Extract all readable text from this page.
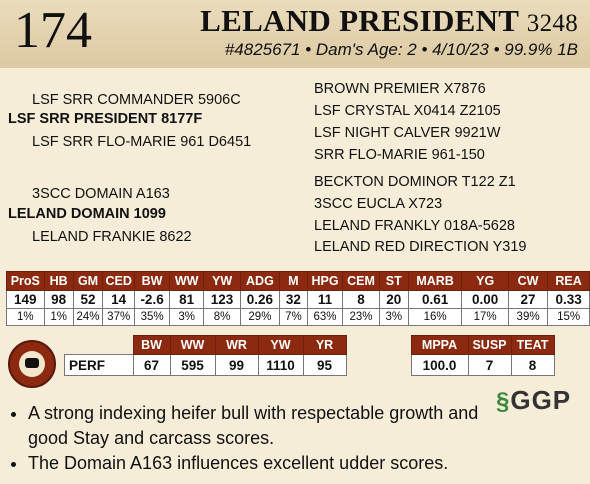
174	LELAND PRESIDENT 3248
#4825671 • Dam's Age: 2 • 4/10/23 • 99.9% 1B
LSF SRR COMMANDER 5906C
LSF SRR PRESIDENT 8177F
LSF SRR FLO-MARIE 961 D6451
3SCC DOMAIN A163
LELAND DOMAIN 1099
LELAND FRANKIE 8622
BROWN PREMIER X7876
LSF CRYSTAL X0414 Z2105
LSF NIGHT CALVER 9921W
SRR FLO-MARIE 961-150
BECKTON DOMINOR T122 Z1
3SCC EUCLA X723
LELAND FRANKLY 018A-5628
LELAND RED DIRECTION Y319
ProS	HB	GM	CED	BW	WW	YW	ADG	M	HPG	CEM	ST	MARB	YG	CW	REA
149	98	52	14	-2.6	81	123	0.26	32	11	8	20	0.61	0.00	27	0.33
1%	1%	24%	37%	35%	3%	8%	29%	7%	63%	23%	3%	16%	17%	39%	15%
	BW	WW	WR	YW	YR		MPPA	SUSP	TEAT
PERF	67	595	99	1110	95		100.0	7	8
§GGP
• A strong indexing heifer bull with respectable growth and good Stay and carcass scores.
• The Domain A163 influences excellent udder scores.
